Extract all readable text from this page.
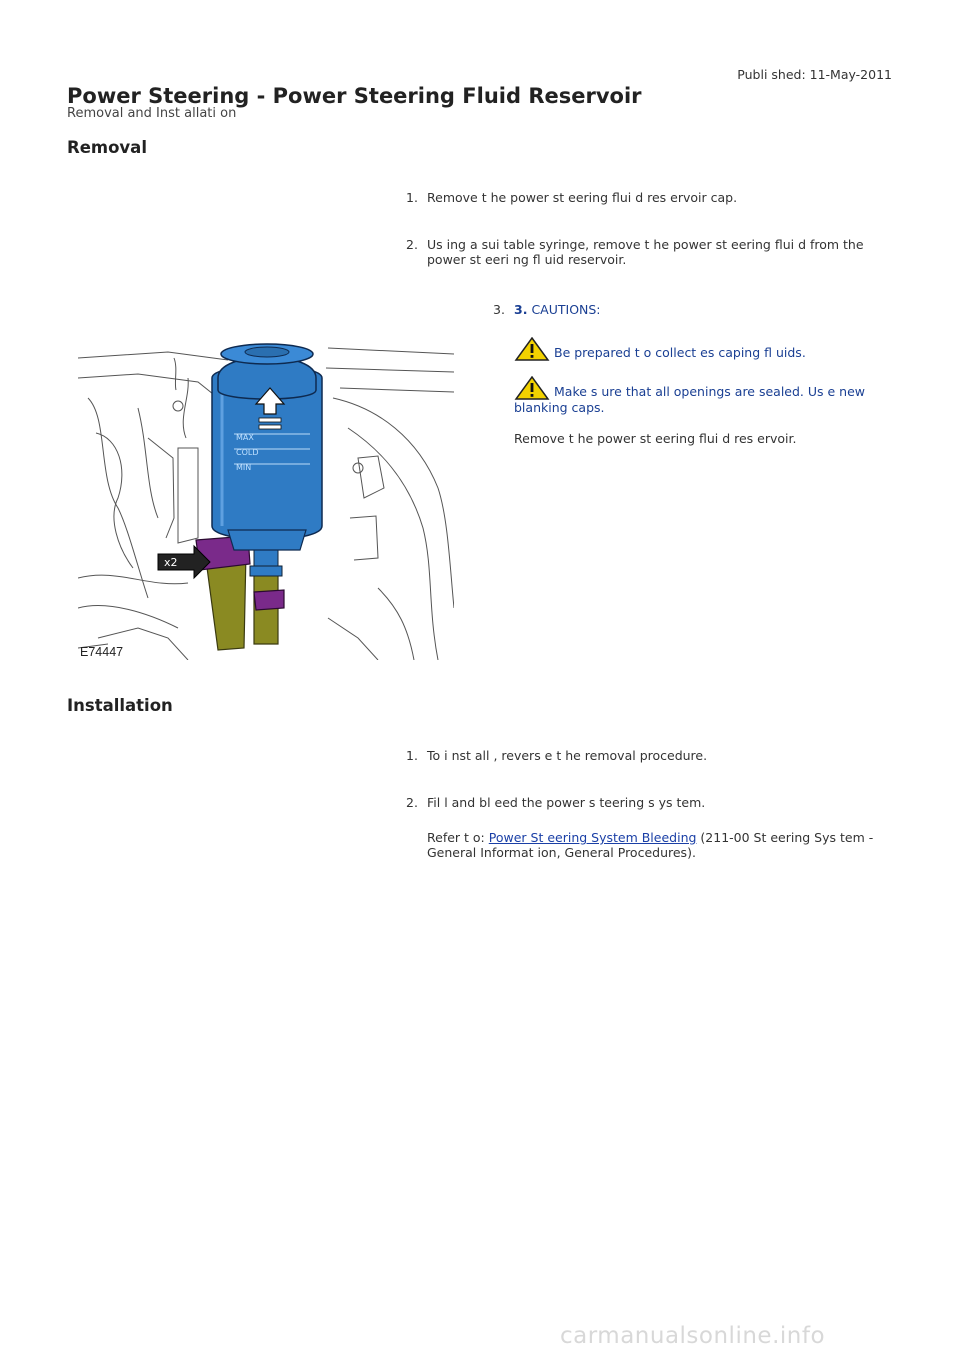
Publi shed: 11-May-2011
Power Steering - Power Steering Fluid Reservoir
Removal and Inst allati on
Removal
1. Remove t he power st eering flui d res ervoir cap.
2. Us ing a sui table syringe, remove t he power st eering flui d from the
power st eeri ng fl uid reservoir.
3. 3. CAUTIONS:
Be prepared t o collect es caping fl uids.
Make s ure that all openings are sealed. Us e new
blanking caps.
Remove t he power st eering flui d res ervoir.
MAX
COLD
MIN
x2
E74447
Installation
1. To i nst all , revers e t he removal procedure.
2. Fil l and bl eed the power s teering s ys tem.
Refer t o: Power St eering System Bleeding (211-00 St eering Sys tem -
General Informat ion, General Procedures).
carmanualsonline.info
